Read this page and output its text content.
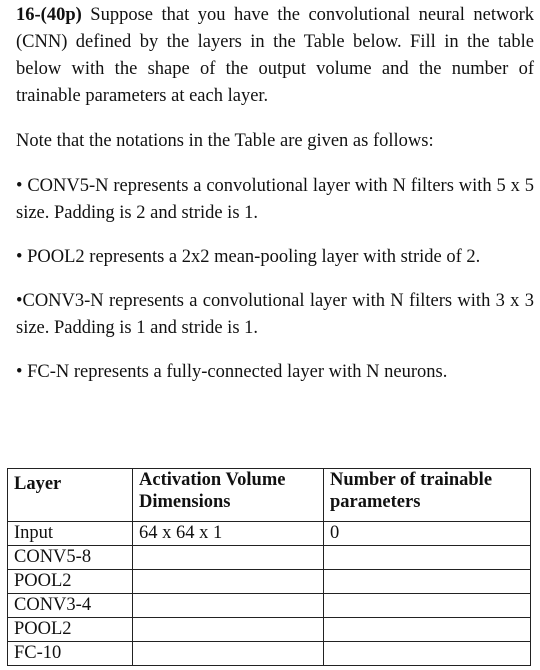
16-(40p) Suppose that you have the convolutional neural network (CNN) defined by the layers in the Table below. Fill in the table below with the shape of the output volume and the number of trainable parameters at each layer.

Note that the notations in the Table are given as follows:

• CONV5-N represents a convolutional layer with N filters with 5 x 5 size. Padding is 2 and stride is 1.

• POOL2 represents a 2x2 mean-pooling layer with stride of 2.

•CONV3-N represents a convolutional layer with N filters with 3 x 3 size. Padding is 1 and stride is 1.

• FC-N represents a fully-connected layer with N neurons.

Layer	Activation Volume Dimensions	Number of trainable parameters
Input	64 x 64 x 1	0
CONV5-8		
POOL2		
CONV3-4		
POOL2		
FC-10		
